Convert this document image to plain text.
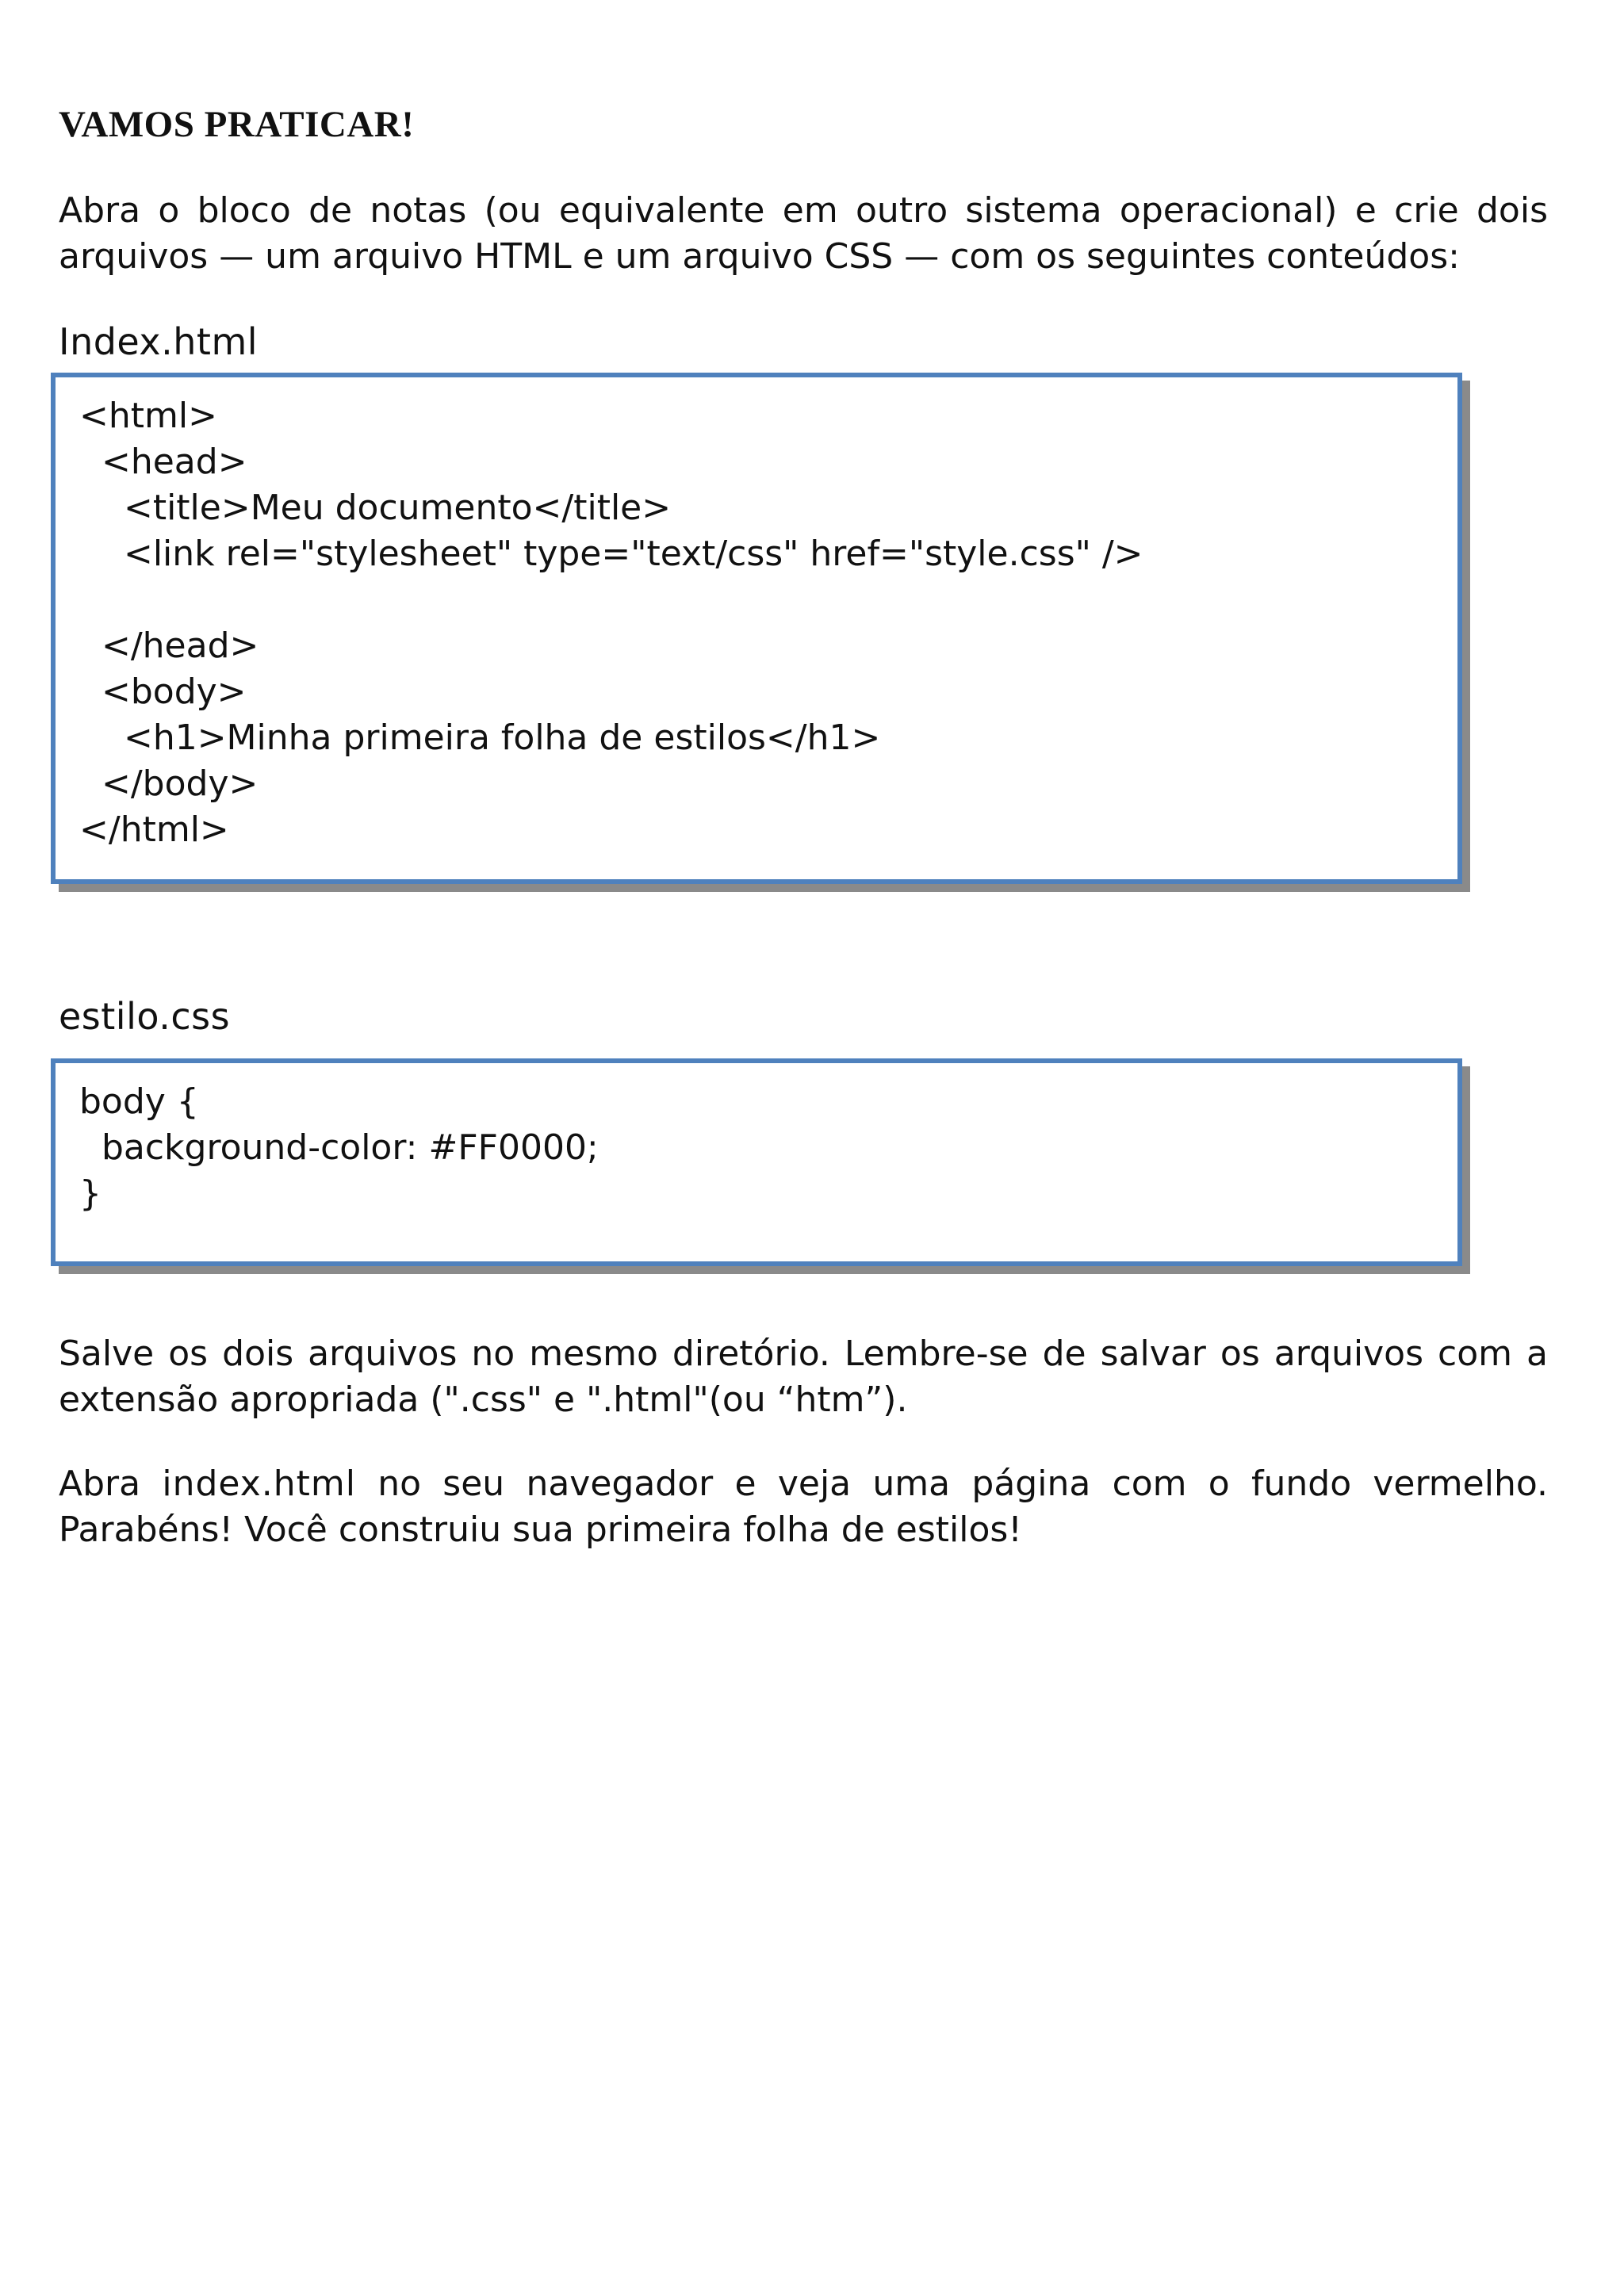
VAMOS PRATICAR!
Abra o bloco de notas (ou equivalente em outro sistema operacional) e crie dois
arquivos — um arquivo HTML e um arquivo CSS — com os seguintes conteúdos:

Index.html

<html>

<head>

<title>Meu documento</title>

<link rel="stylesheet" type="text/css" href="style.css" />

</head>

<body>

<h1>Minha primeira folha de estilos</h1>

</body>

</html>

estilo.css

body {

background-color: #FF0000;

}

Salve os dois arquivos no mesmo diretório. Lembre-se de salvar os arquivos com a
extensão apropriada (".css" e ".html"(ou “htm”).
Abra index.html no seu navegador e veja uma página com o fundo vermelho.
Parabéns! Você construiu sua primeira folha de estilos!
